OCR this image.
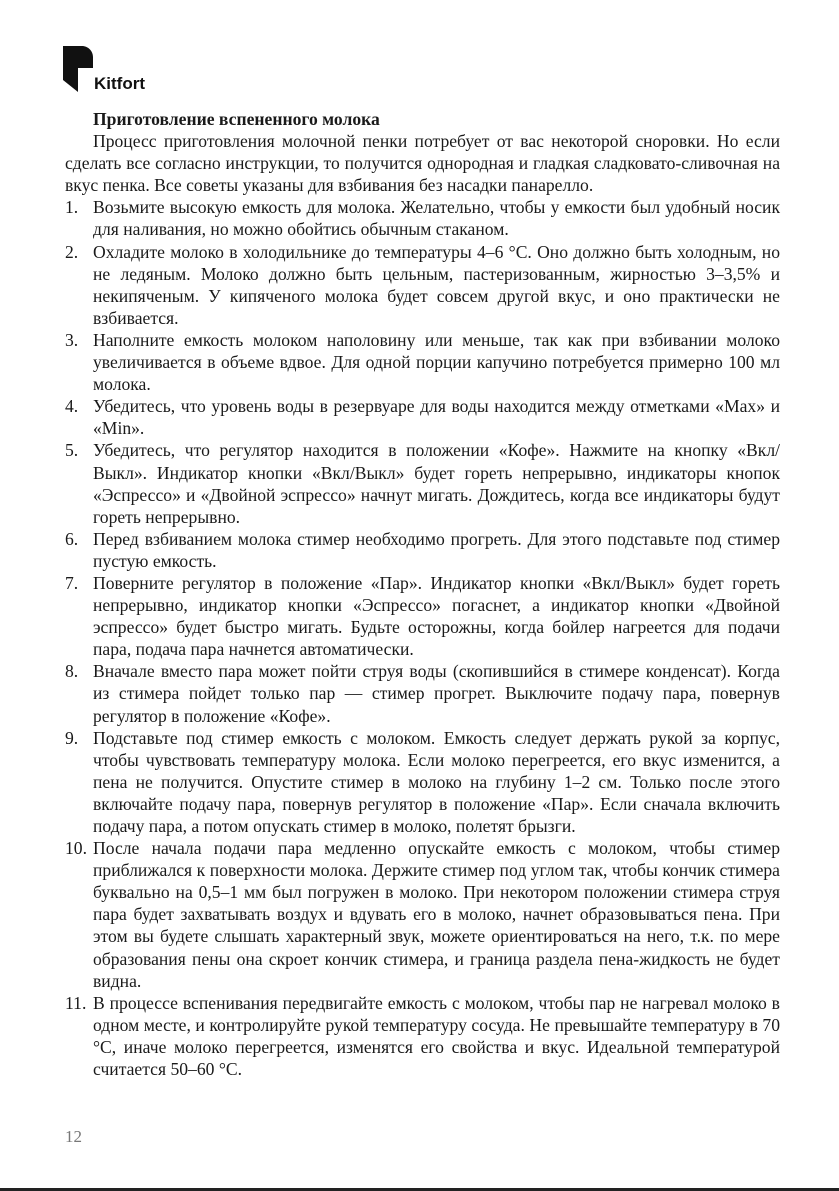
Kitfort

Приготовление вспененного молока

Процесс приготовления молочной пенки потребует от вас некоторой сноровки. Но если сделать все согласно инструкции, то получится однородная и гладкая сладковато-сливочная на вкус пенка. Все советы указаны для взбивания без насадки панарелло.

1. Возьмите высокую емкость для молока. Желательно, чтобы у емкости был удобный носик для наливания, но можно обойтись обычным стаканом.
2. Охладите молоко в холодильнике до температуры 4–6 °С. Оно должно быть холодным, но не ледяным. Молоко должно быть цельным, пастеризованным, жирностью 3–3,5% и некипяченым. У кипяченого молока будет совсем другой вкус, и оно практически не взбивается.
3. Наполните емкость молоком наполовину или меньше, так как при взбивании молоко увеличивается в объеме вдвое. Для одной порции капучино потребуется примерно 100 мл молока.
4. Убедитесь, что уровень воды в резервуаре для воды находится между отметками «Max» и «Min».
5. Убедитесь, что регулятор находится в положении «Кофе». Нажмите на кнопку «Вкл/Выкл». Индикатор кнопки «Вкл/Выкл» будет гореть непрерывно, индикаторы кнопок «Эспрессо» и «Двойной эспрессо» начнут мигать. Дождитесь, когда все индикаторы будут гореть непрерывно.
6. Перед взбиванием молока стимер необходимо прогреть. Для этого подставьте под стимер пустую емкость.
7. Поверните регулятор в положение «Пар». Индикатор кнопки «Вкл/Выкл» будет гореть непрерывно, индикатор кнопки «Эспрессо» погаснет, а индикатор кнопки «Двойной эспрессо» будет быстро мигать. Будьте осторожны, когда бойлер нагреется для подачи пара, подача пара начнется автоматически.
8. Вначале вместо пара может пойти струя воды (скопившийся в стимере конденсат). Когда из стимера пойдет только пар — стимер прогрет. Выключите подачу пара, повернув регулятор в положение «Кофе».
9. Подставьте под стимер емкость с молоком. Емкость следует держать рукой за корпус, чтобы чувствовать температуру молока. Если молоко перегреется, его вкус изменится, а пена не получится. Опустите стимер в молоко на глубину 1–2 см. Только после этого включайте подачу пара, повернув регулятор в положение «Пар». Если сначала включить подачу пара, а потом опускать стимер в молоко, полетят брызги.
10. После начала подачи пара медленно опускайте емкость с молоком, чтобы стимер приближался к поверхности молока. Держите стимер под углом так, чтобы кончик стимера буквально на 0,5–1 мм был погружен в молоко. При некотором положении стимера струя пара будет захватывать воздух и вдувать его в молоко, начнет образовываться пена. При этом вы будете слышать характерный звук, можете ориентироваться на него, т.к. по мере образования пены она скроет кончик стимера, и граница раздела пена-жидкость не будет видна.
11. В процессе вспенивания передвигайте емкость с молоком, чтобы пар не нагревал молоко в одном месте, и контролируйте рукой температуру сосуда. Не превышайте температуру в 70 °С, иначе молоко перегреется, изменятся его свойства и вкус. Идеальной температурой считается 50–60 °С.
12
